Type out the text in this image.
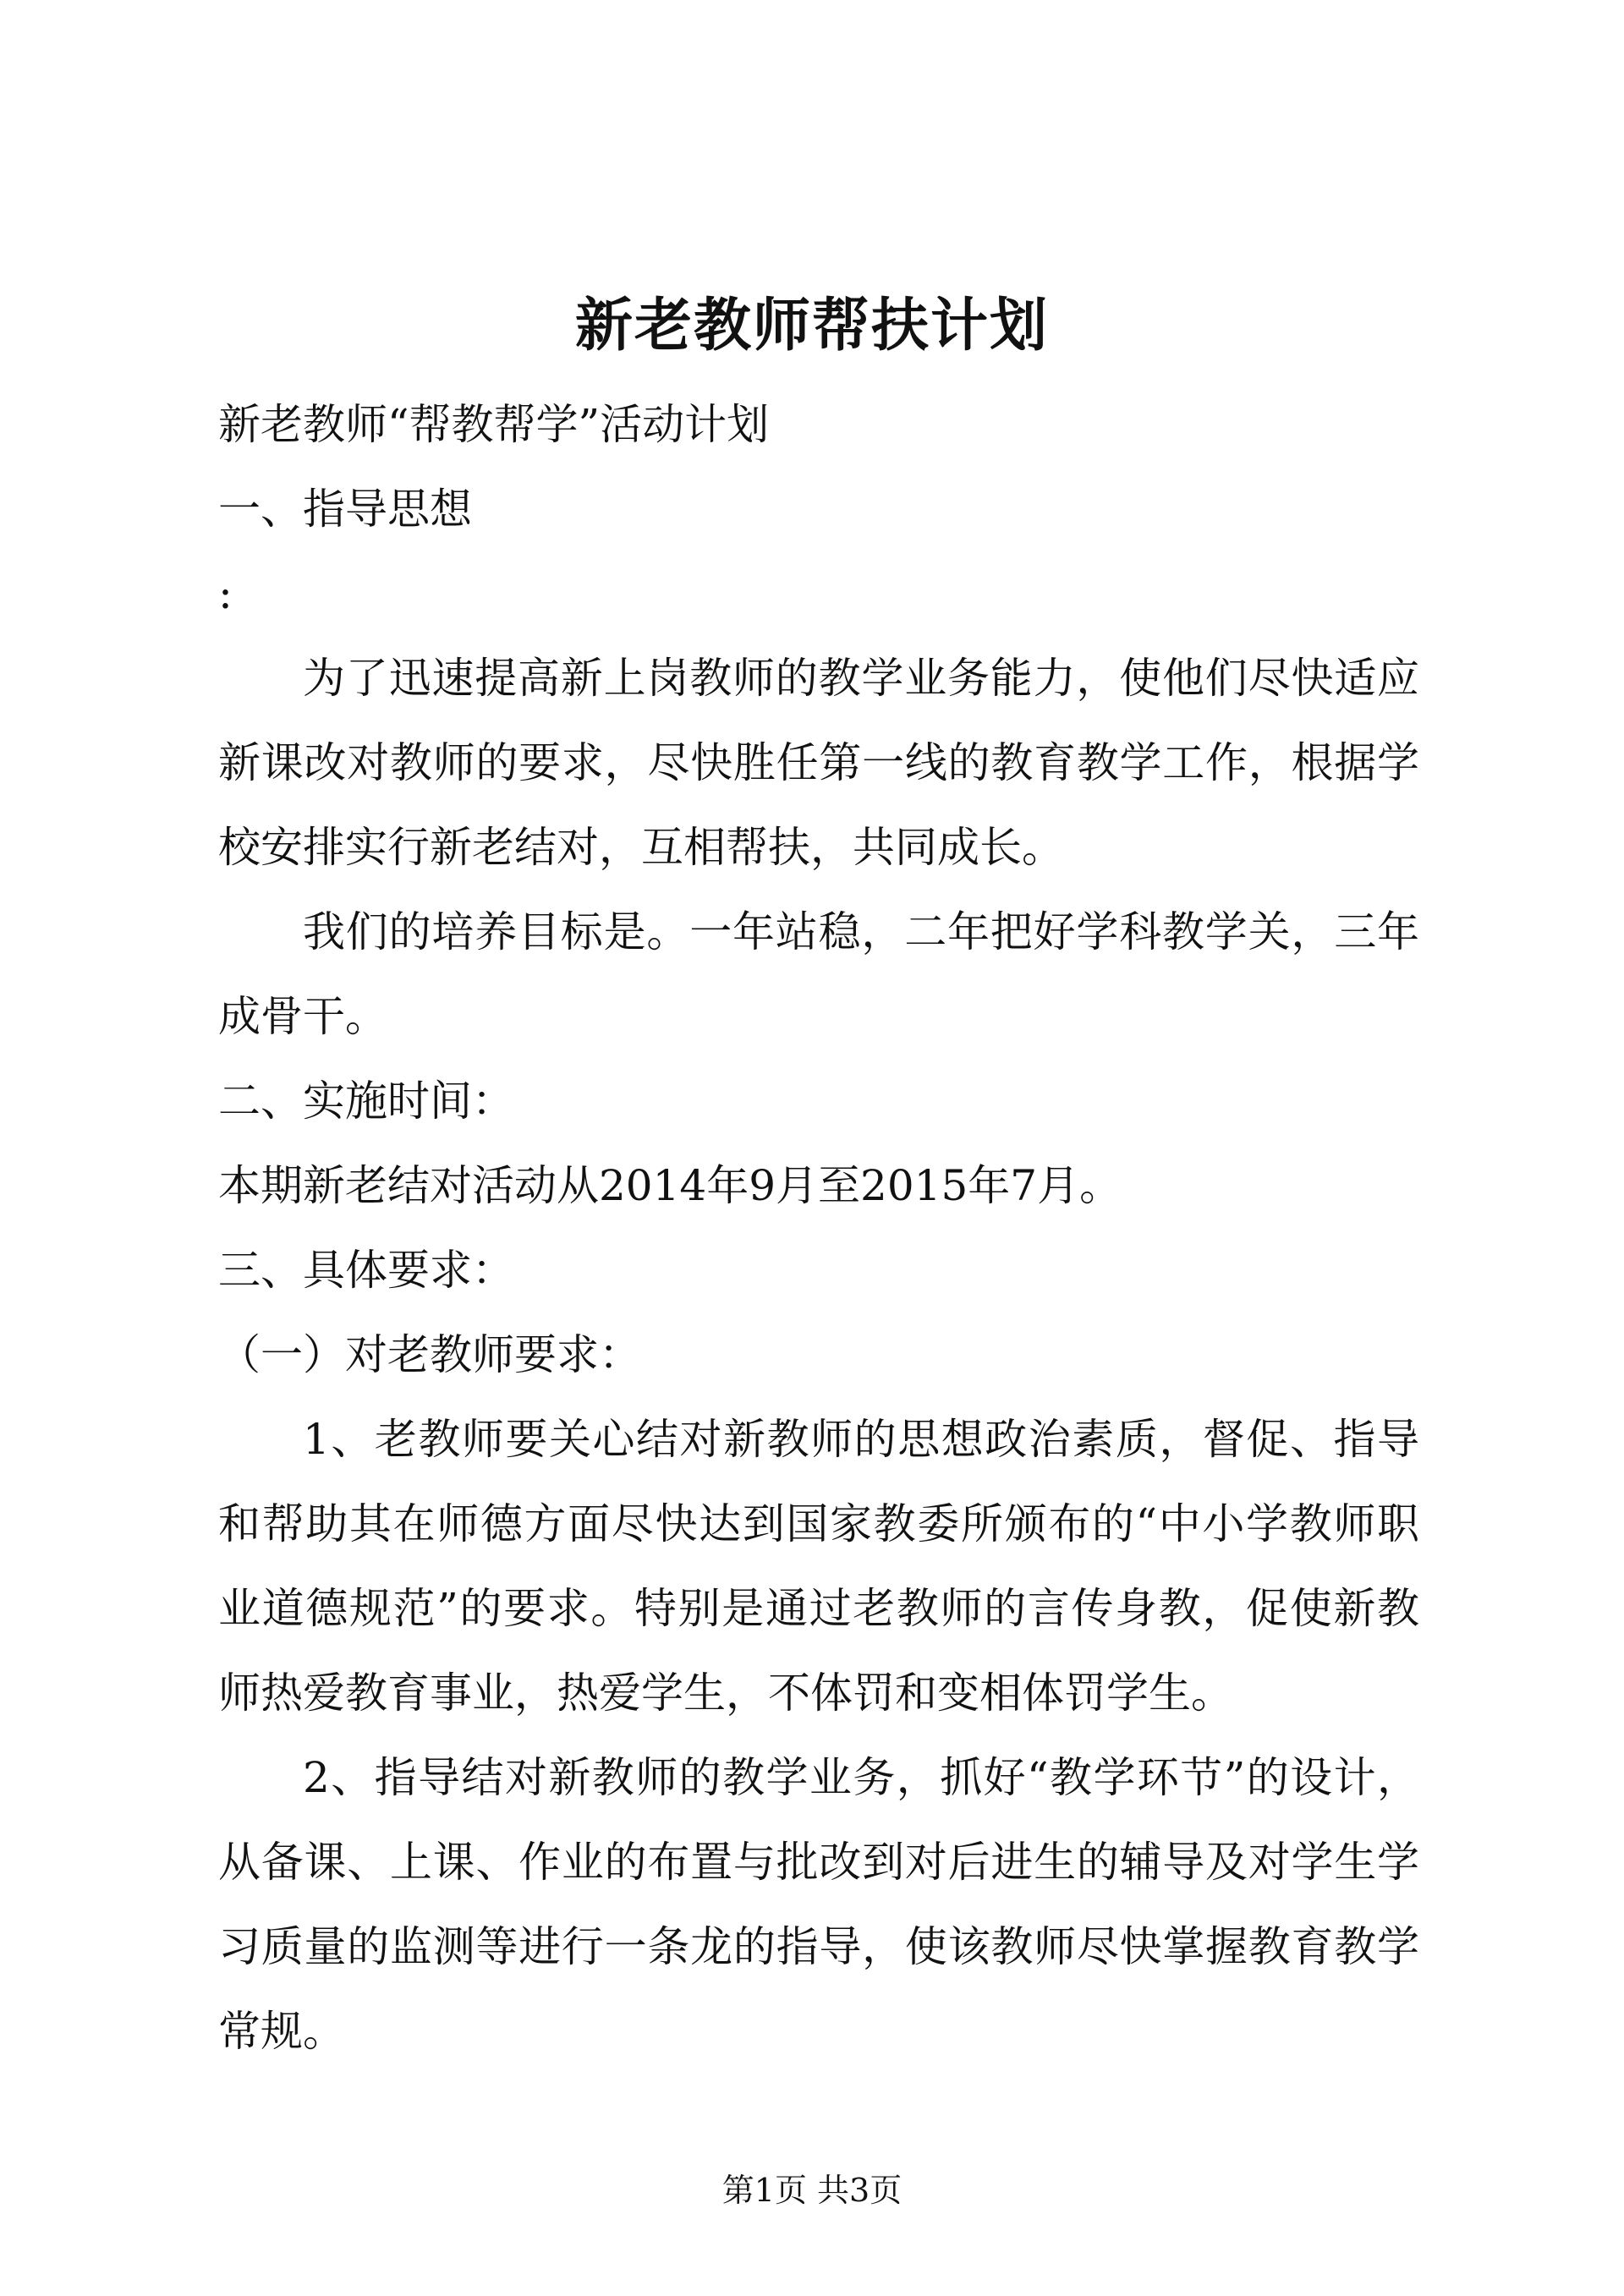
新老教师帮扶计划

新老教师“帮教帮学”活动计划

一、指导思想

:

为了迅速提高新上岗教师的教学业务能力，使他们尽快适应新课改对教师的要求，尽快胜任第一线的教育教学工作，根据学校安排实行新老结对，互相帮扶，共同成长。

我们的培养目标是。一年站稳，二年把好学科教学关，三年成骨干。

二、实施时间：

本期新老结对活动从2014年9月至2015年7月。

三、具体要求：

（一）对老教师要求：

1、老教师要关心结对新教师的思想政治素质，督促、指导和帮助其在师德方面尽快达到国家教委所颁布的“中小学教师职业道德规范”的要求。特别是通过老教师的言传身教，促使新教师热爱教育事业，热爱学生，不体罚和变相体罚学生。

2、指导结对新教师的教学业务，抓好“教学环节”的设计，从备课、上课、作业的布置与批改到对后进生的辅导及对学生学习质量的监测等进行一条龙的指导，使该教师尽快掌握教育教学常规。

第1页 共3页
